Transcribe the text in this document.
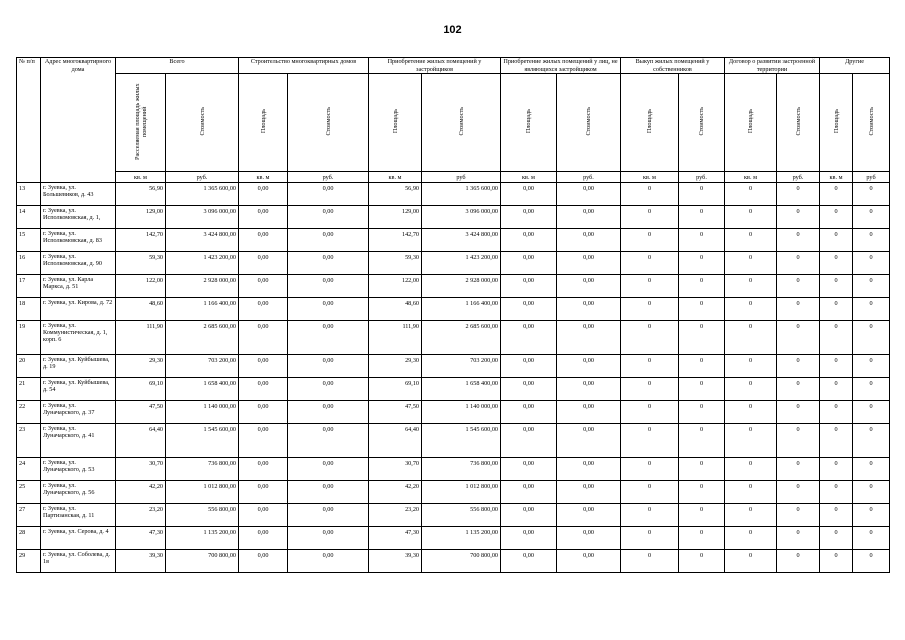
102
№ п/п	Адрес многоквартирного дома	Всего		Строительство многоквартирных домов		Приобретение жилых помещений у застройщиков		Приобретение жилых помещений у лиц, не являющихся застройщиком		Выкуп жилых помещений у собственников		Договор о развитии застроенной территории		Другие	
		Расселяемая площадь жилых помещений	Стоимость	Площадь	Стоимость	Площадь	Стоимость	Площадь	Стоимость	Площадь	Стоимость	Площадь	Стоимость	Площадь	Стоимость
		кв. м	руб.	кв. м	руб.	кв. м	руб	кв. м	руб.	кв. м	руб.	кв. м	руб.	кв. м	руб
13	г. Зуевка, ул. Большевиков, д. 43	56,90	1 365 600,00	0,00	0,00	56,90	1 365 600,00	0,00	0,00	0	0	0	0	0	0
14	г. Зуевка, ул. Исполкомовская, д. 1,	129,00	3 096 000,00	0,00	0,00	129,00	3 096 000,00	0,00	0,00	0	0	0	0	0	0
15	г. Зуевка, ул. Исполкомовская, д. 83	142,70	3 424 800,00	0,00	0,00	142,70	3 424 800,00	0,00	0,00	0	0	0	0	0	0
16	г. Зуевка, ул. Исполкомовская, д. 90	59,30	1 423 200,00	0,00	0,00	59,30	1 423 200,00	0,00	0,00	0	0	0	0	0	0
17	г. Зуевка, ул. Карла Маркса, д. 51	122,00	2 928 000,00	0,00	0,00	122,00	2 928 000,00	0,00	0,00	0	0	0	0	0	0
18	г. Зуевка, ул. Кирова, д. 72	48,60	1 166 400,00	0,00	0,00	48,60	1 166 400,00	0,00	0,00	0	0	0	0	0	0
19	г. Зуевка, ул. Коммунистическая, д. 1, корп. 6	111,90	2 685 600,00	0,00	0,00	111,90	2 685 600,00	0,00	0,00	0	0	0	0	0	0
20	г. Зуевка, ул. Куйбышева, д. 19	29,30	703 200,00	0,00	0,00	29,30	703 200,00	0,00	0,00	0	0	0	0	0	0
21	г. Зуевка, ул. Куйбышева, д. 54	69,10	1 658 400,00	0,00	0,00	69,10	1 658 400,00	0,00	0,00	0	0	0	0	0	0
22	г. Зуевка, ул. Луначарского, д. 37	47,50	1 140 000,00	0,00	0,00	47,50	1 140 000,00	0,00	0,00	0	0	0	0	0	0
23	г. Зуевка, ул. Луначарского, д. 41	64,40	1 545 600,00	0,00	0,00	64,40	1 545 600,00	0,00	0,00	0	0	0	0	0	0
24	г. Зуевка, ул. Луначарского, д. 53	30,70	736 800,00	0,00	0,00	30,70	736 800,00	0,00	0,00	0	0	0	0	0	0
25	г. Зуевка, ул. Луначарского, д. 56	42,20	1 012 800,00	0,00	0,00	42,20	1 012 800,00	0,00	0,00	0	0	0	0	0	0
27	г. Зуевка, ул. Партизанская, д. 11	23,20	556 800,00	0,00	0,00	23,20	556 800,00	0,00	0,00	0	0	0	0	0	0
28	г. Зуевка, ул. Серова, д. 4	47,30	1 135 200,00	0,00	0,00	47,30	1 135 200,00	0,00	0,00	0	0	0	0	0	0
29	г. Зуевка, ул. Соболева, д. 1в	39,30	700 800,00	0,00	0,00	39,30	700 800,00	0,00	0,00	0	0	0	0	0	0
